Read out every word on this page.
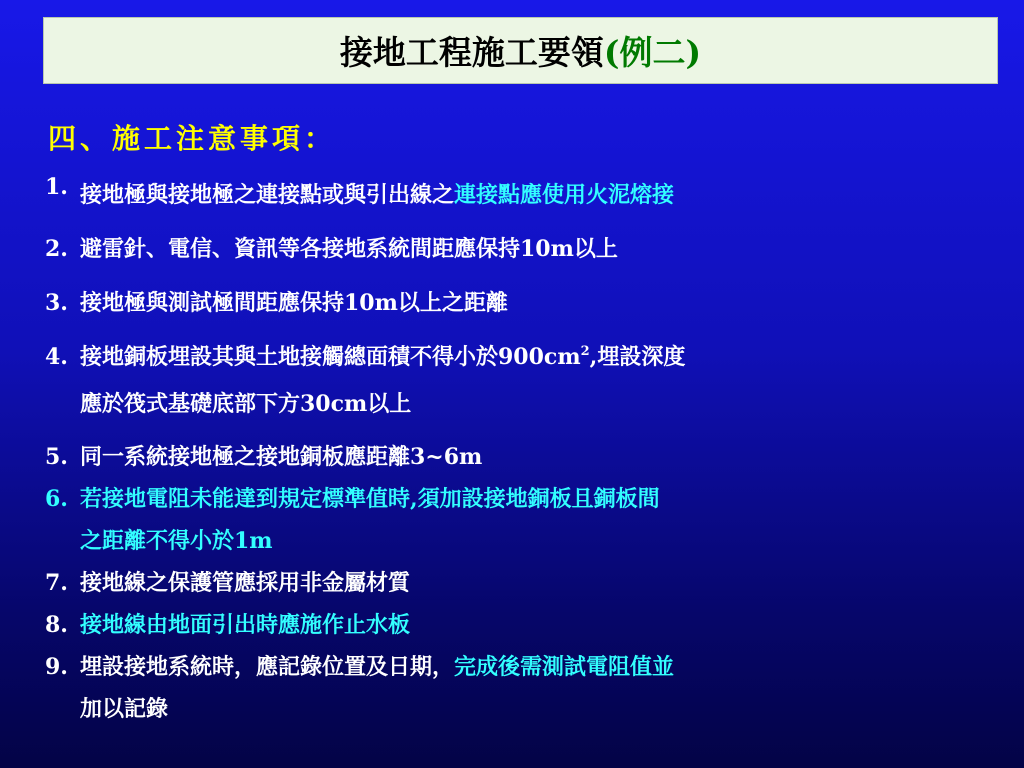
接地工程施工要領(例二)
四、施工注意事項：
1. 接地極與接地極之連接點或與引出線之連接點應使用火泥熔接
2. 避雷針、電信、資訊等各接地系統間距應保持10m以上
3. 接地極與測試極間距應保持10m以上之距離
4. 接地銅板埋設其與土地接觸總面積不得小於$900cm^2$,埋設深度
應於筏式基礎底部下方30cm以上
5. 同一系統接地極之接地銅板應距離3~6m
6. 若接地電阻未能達到規定標準值時,須加設接地銅板且銅板間
之距離不得小於1m
7. 接地線之保護管應採用非金屬材質
8. 接地線由地面引出時應施作止水板
9. 埋設接地系統時，應記錄位置及日期，完成後需測試電阻值並
加以記錄
